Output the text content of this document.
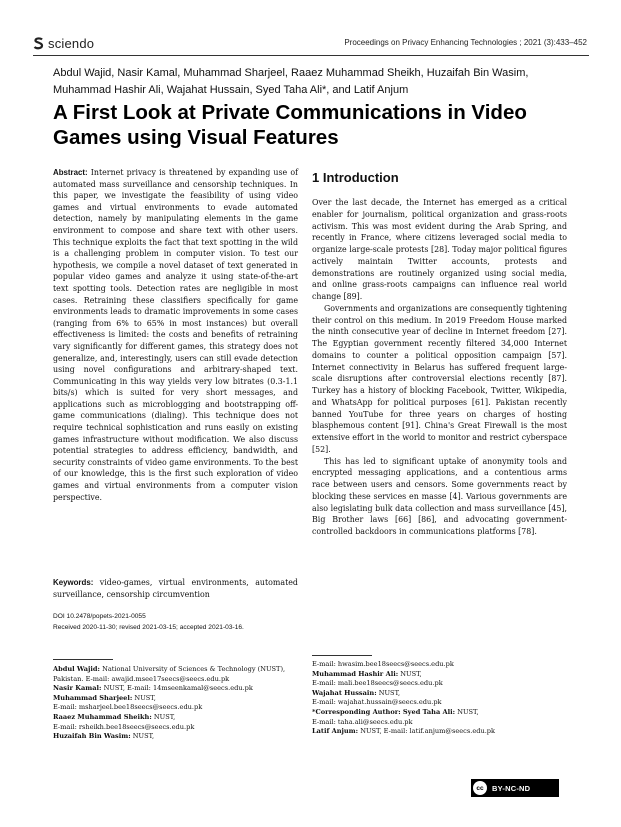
sciendo	Proceedings on Privacy Enhancing Technologies ; 2021 (3):433–452
Abdul Wajid, Nasir Kamal, Muhammad Sharjeel, Raaez Muhammad Sheikh, Huzaifah Bin Wasim, Muhammad Hashir Ali, Wajahat Hussain, Syed Taha Ali*, and Latif Anjum
A First Look at Private Communications in Video Games using Visual Features
Abstract: Internet privacy is threatened by expanding use of automated mass surveillance and censorship techniques. In this paper, we investigate the feasibility of using video games and virtual environments to evade automated detection, namely by manipulating elements in the game environment to compose and share text with other users. This technique exploits the fact that text spotting in the wild is a challenging problem in computer vision. To test our hypothesis, we compile a novel dataset of text generated in popular video games and analyze it using state-of-the-art text spotting tools. Detection rates are negligible in most cases. Retraining these classifiers specifically for game environments leads to dramatic improvements in some cases (ranging from 6% to 65% in most instances) but overall effectiveness is limited: the costs and benefits of retraining vary significantly for different games, this strategy does not generalize, and, interestingly, users can still evade detection using novel configurations and arbitrary-shaped text. Communicating in this way yields very low bitrates (0.3-1.1 bits/s) which is suited for very short messages, and applications such as microblogging and bootstrapping off-game communications (dialing). This technique does not require technical sophistication and runs easily on existing games infrastructure without modification. We also discuss potential strategies to address efficiency, bandwidth, and security constraints of video game environments. To the best of our knowledge, this is the first such exploration of video games and virtual environments from a computer vision perspective.
Keywords: video-games, virtual environments, automated surveillance, censorship circumvention
DOI 10.2478/popets-2021-0055
Received 2020-11-30; revised 2021-03-15; accepted 2021-03-16.
1 Introduction

Over the last decade, the Internet has emerged as a critical enabler for journalism, political organization and grass-roots activism. This was most evident during the Arab Spring, and recently in France, where citizens leveraged social media to organize large-scale protests [28]. Today major political figures actively maintain Twitter accounts, protests and demonstrations are routinely organized using social media, and online grass-roots campaigns can influence real world change [89].

Governments and organizations are consequently tightening their control on this medium. In 2019 Freedom House marked the ninth consecutive year of decline in Internet freedom [27]. The Egyptian government recently filtered 34,000 Internet domains to counter a political opposition campaign [57]. Internet connectivity in Belarus has suffered frequent large-scale disruptions after controversial elections recently [87]. Turkey has a history of blocking Facebook, Twitter, Wikipedia, and WhatsApp for political purposes [61]. Pakistan recently banned YouTube for three years on charges of hosting blasphemous content [91]. China's Great Firewall is the most extensive effort in the world to monitor and restrict cyberspace [52].

This has led to significant uptake of anonymity tools and encrypted messaging applications, and a contentious arms race between users and censors. Some governments react by blocking these services en masse [4]. Various governments are also legislating bulk data collection and mass surveillance [45], Big Brother laws [66] [86], and advocating government-controlled backdoors in communications platforms [78].

Abdul Wajid: National University of Sciences & Technology (NUST), Pakistan. E-mail: awajid.msee17seecs@seecs.edu.pk
Nasir Kamal: NUST, E-mail: 14mseenkamal@seecs.edu.pk
Muhammad Sharjeel: NUST,
E-mail: msharjeel.bee18seecs@seecs.edu.pk
Raaez Muhammad Sheikh: NUST,
E-mail: rsheikh.bee18seecs@seecs.edu.pk
Huzaifah Bin Wasim: NUST,
E-mail: hwasim.bee18seecs@seecs.edu.pk
Muhammad Hashir Ali: NUST,
E-mail: mali.bee18seecs@seecs.edu.pk
Wajahat Hussain: NUST,
E-mail: wajahat.hussain@seecs.edu.pk
*Corresponding Author: Syed Taha Ali: NUST,
E-mail: taha.ali@seecs.edu.pk
Latif Anjum: NUST, E-mail: latif.anjum@seecs.edu.pk
cc	BY-NC-ND
